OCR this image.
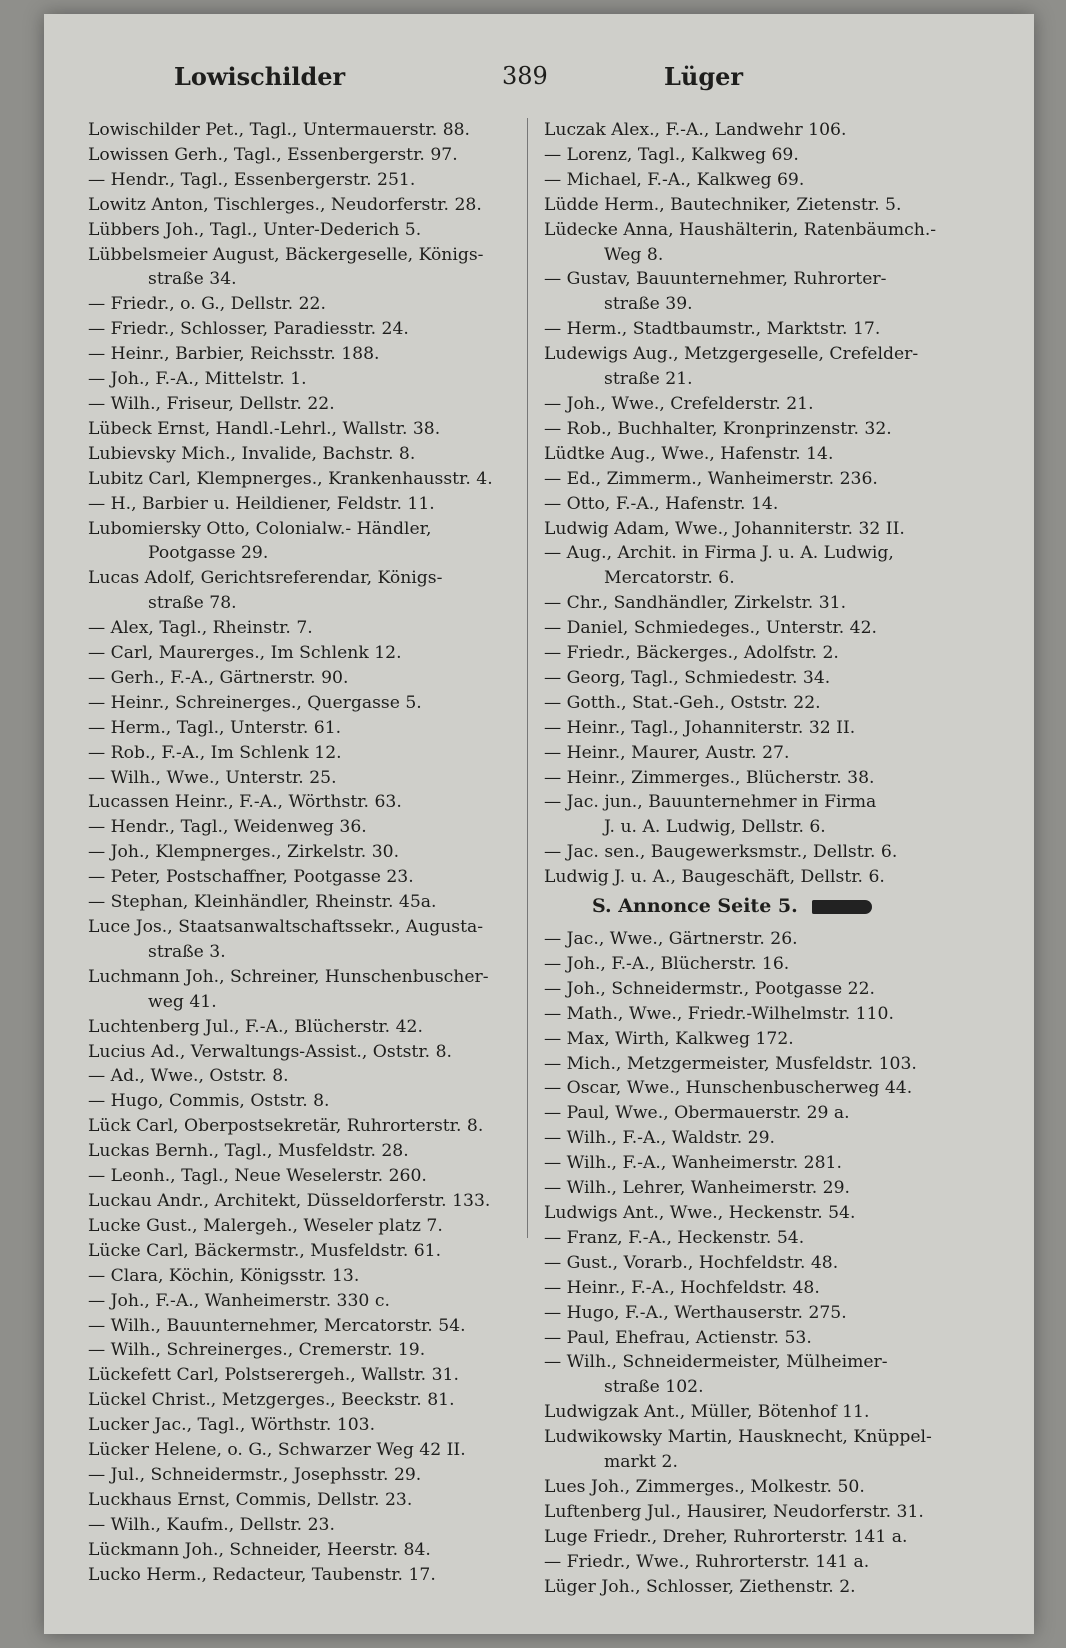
Lowischilder	389	Lüger
Lowischilder Pet., Tagl., Untermauerstr. 88.
Lowissen Gerh., Tagl., Essenbergerstr. 97.
— Hendr., Tagl., Essenbergerstr. 251.
Lowitz Anton, Tischlerges., Neudorferstr. 28.
Lübbers Joh., Tagl., Unter-Dederich 5.
Lübbelsmeier August, Bäckergeselle, Königs-
straße 34.
— Friedr., o. G., Dellstr. 22.
— Friedr., Schlosser, Paradiesstr. 24.
— Heinr., Barbier, Reichsstr. 188.
— Joh., F.-A., Mittelstr. 1.
— Wilh., Friseur, Dellstr. 22.
Lübeck Ernst, Handl.-Lehrl., Wallstr. 38.
Lubievsky Mich., Invalide, Bachstr. 8.
Lubitz Carl, Klempnerges., Krankenhausstr. 4.
— H., Barbier u. Heildiener, Feldstr. 11.
Lubomiersky Otto, Colonialw.- Händler,
Pootgasse 29.
Lucas Adolf, Gerichtsreferendar, Königs-
straße 78.
— Alex, Tagl., Rheinstr. 7.
— Carl, Maurerges., Im Schlenk 12.
— Gerh., F.-A., Gärtnerstr. 90.
— Heinr., Schreinerges., Quergasse 5.
— Herm., Tagl., Unterstr. 61.
— Rob., F.-A., Im Schlenk 12.
— Wilh., Wwe., Unterstr. 25.
Lucassen Heinr., F.-A., Wörthstr. 63.
— Hendr., Tagl., Weidenweg 36.
— Joh., Klempnerges., Zirkelstr. 30.
— Peter, Postschaffner, Pootgasse 23.
— Stephan, Kleinhändler, Rheinstr. 45a.
Luce Jos., Staatsanwaltschaftssekr., Augusta-
straße 3.
Luchmann Joh., Schreiner, Hunschenbuscher-
weg 41.
Luchtenberg Jul., F.-A., Blücherstr. 42.
Lucius Ad., Verwaltungs-Assist., Oststr. 8.
— Ad., Wwe., Oststr. 8.
— Hugo, Commis, Oststr. 8.
Lück Carl, Oberpostsekretär, Ruhrorterstr. 8.
Luckas Bernh., Tagl., Musfeldstr. 28.
— Leonh., Tagl., Neue Weselerstr. 260.
Luckau Andr., Architekt, Düsseldorferstr. 133.
Lucke Gust., Malergeh., Weseler platz 7.
Lücke Carl, Bäckermstr., Musfeldstr. 61.
— Clara, Köchin, Königsstr. 13.
— Joh., F.-A., Wanheimerstr. 330 c.
— Wilh., Bauunternehmer, Mercatorstr. 54.
— Wilh., Schreinerges., Cremerstr. 19.
Lückefett Carl, Polstserergeh., Wallstr. 31.
Lückel Christ., Metzgerges., Beeckstr. 81.
Lucker Jac., Tagl., Wörthstr. 103.
Lücker Helene, o. G., Schwarzer Weg 42 II.
— Jul., Schneidermstr., Josephsstr. 29.
Luckhaus Ernst, Commis, Dellstr. 23.
— Wilh., Kaufm., Dellstr. 23.
Lückmann Joh., Schneider, Heerstr. 84.
Lucko Herm., Redacteur, Taubenstr. 17.
Luczak Alex., F.-A., Landwehr 106.
— Lorenz, Tagl., Kalkweg 69.
— Michael, F.-A., Kalkweg 69.
Lüdde Herm., Bautechniker, Zietenstr. 5.
Lüdecke Anna, Haushälterin, Ratenbäumch.-
Weg 8.
— Gustav, Bauunternehmer, Ruhrorter-
straße 39.
— Herm., Stadtbaumstr., Marktstr. 17.
Ludewigs Aug., Metzgergeselle, Crefelder-
straße 21.
— Joh., Wwe., Crefelderstr. 21.
— Rob., Buchhalter, Kronprinzenstr. 32.
Lüdtke Aug., Wwe., Hafenstr. 14.
— Ed., Zimmerm., Wanheimerstr. 236.
— Otto, F.-A., Hafenstr. 14.
Ludwig Adam, Wwe., Johanniterstr. 32 II.
— Aug., Archit. in Firma J. u. A. Ludwig,
Mercatorstr. 6.
— Chr., Sandhändler, Zirkelstr. 31.
— Daniel, Schmiedeges., Unterstr. 42.
— Friedr., Bäckerges., Adolfstr. 2.
— Georg, Tagl., Schmiedestr. 34.
— Gotth., Stat.-Geh., Oststr. 22.
— Heinr., Tagl., Johanniterstr. 32 II.
— Heinr., Maurer, Austr. 27.
— Heinr., Zimmerges., Blücherstr. 38.
— Jac. jun., Bauunternehmer in Firma
J. u. A. Ludwig, Dellstr. 6.
— Jac. sen., Baugewerksmstr., Dellstr. 6.
Ludwig J. u. A., Baugeschäft, Dellstr. 6.
S. Annonce Seite 5.
— Jac., Wwe., Gärtnerstr. 26.
— Joh., F.-A., Blücherstr. 16.
— Joh., Schneidermstr., Pootgasse 22.
— Math., Wwe., Friedr.-Wilhelmstr. 110.
— Max, Wirth, Kalkweg 172.
— Mich., Metzgermeister, Musfeldstr. 103.
— Oscar, Wwe., Hunschenbuscherweg 44.
— Paul, Wwe., Obermauerstr. 29 a.
— Wilh., F.-A., Waldstr. 29.
— Wilh., F.-A., Wanheimerstr. 281.
— Wilh., Lehrer, Wanheimerstr. 29.
Ludwigs Ant., Wwe., Heckenstr. 54.
— Franz, F.-A., Heckenstr. 54.
— Gust., Vorarb., Hochfeldstr. 48.
— Heinr., F.-A., Hochfeldstr. 48.
— Hugo, F.-A., Werthauserstr. 275.
— Paul, Ehefrau, Actienstr. 53.
— Wilh., Schneidermeister, Mülheimer-
straße 102.
Ludwigzak Ant., Müller, Bötenhof 11.
Ludwikowsky Martin, Hausknecht, Knüppel-
markt 2.
Lues Joh., Zimmerges., Molkestr. 50.
Luftenberg Jul., Hausirer, Neudorferstr. 31.
Luge Friedr., Dreher, Ruhrorterstr. 141 a.
— Friedr., Wwe., Ruhrorterstr. 141 a.
Lüger Joh., Schlosser, Ziethenstr. 2.
